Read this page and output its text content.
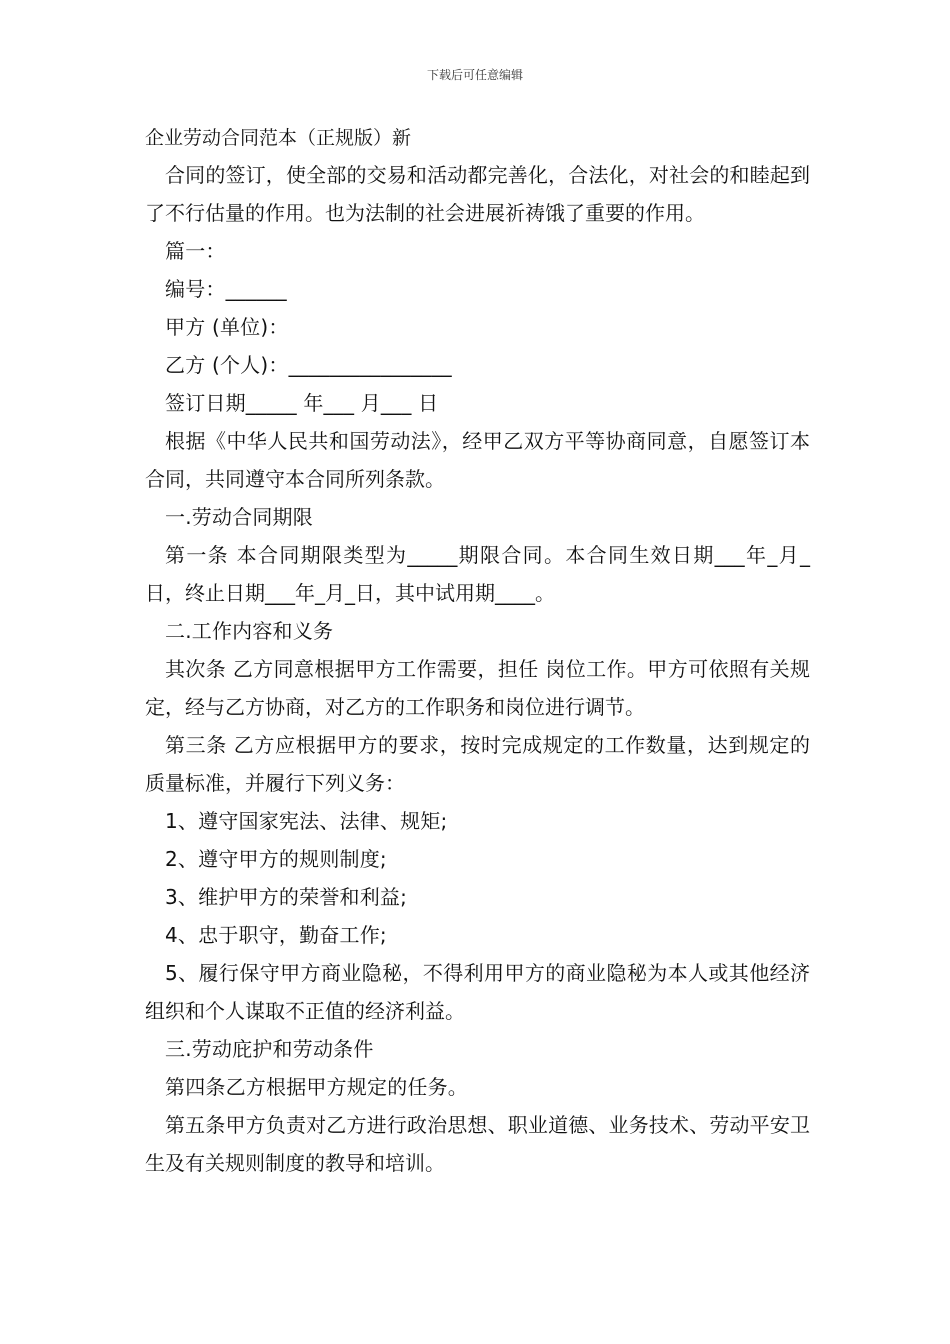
下载后可任意编辑
企业劳动合同范本（正规版）新
合同的签订，使全部的交易和活动都完善化，合法化，对社会的和睦起到了不行估量的作用。也为法制的社会进展祈祷饿了重要的作用。
篇一：
编号：______
甲方 (单位)：
乙方 (个人)：________________
签订日期_____ 年___ 月___ 日
根据《中华人民共和国劳动法》，经甲乙双方平等协商同意，自愿签订本合同，共同遵守本合同所列条款。
一.劳动合同期限
第一条 本合同期限类型为_____期限合同。本合同生效日期___年_月_日，终止日期___年_月_日，其中试用期____。
二.工作内容和义务
其次条 乙方同意根据甲方工作需要，担任 岗位工作。甲方可依照有关规定，经与乙方协商，对乙方的工作职务和岗位进行调节。
第三条 乙方应根据甲方的要求，按时完成规定的工作数量，达到规定的质量标准，并履行下列义务：
1、遵守国家宪法、法律、规矩;
2、遵守甲方的规则制度;
3、维护甲方的荣誉和利益;
4、忠于职守，勤奋工作;
5、履行保守甲方商业隐秘，不得利用甲方的商业隐秘为本人或其他经济组织和个人谋取不正值的经济利益。
三.劳动庇护和劳动条件
第四条乙方根据甲方规定的任务。
第五条甲方负责对乙方进行政治思想、职业道德、业务技术、劳动平安卫生及有关规则制度的教导和培训。
